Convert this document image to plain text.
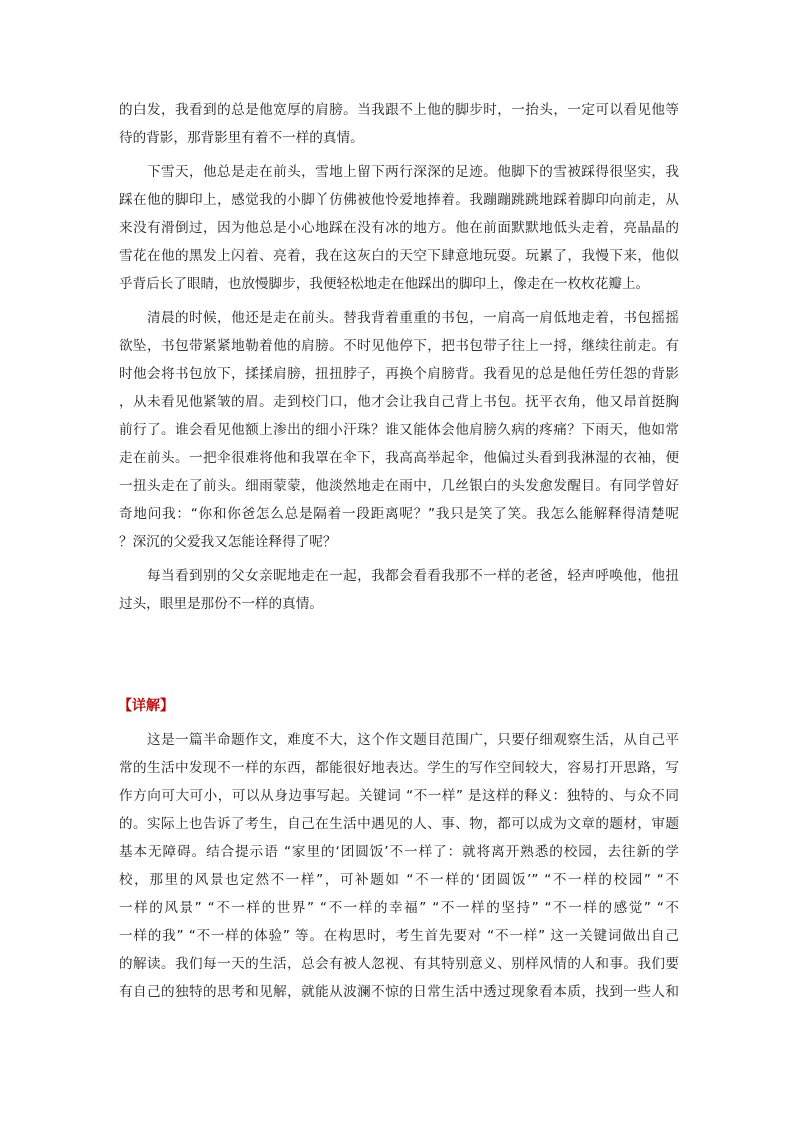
的白发，我看到的总是他宽厚的肩膀。当我跟不上他的脚步时，一抬头，一定可以看见他等
待的背影，那背影里有着不一样的真情。
下雪天，他总是走在前头，雪地上留下两行深深的足迹。他脚下的雪被踩得很坚实，我
踩在他的脚印上，感觉我的小脚丫仿佛被他怜爱地捧着。我蹦蹦跳跳地踩着脚印向前走，从
来没有滑倒过，因为他总是小心地踩在没有冰的地方。他在前面默默地低头走着，亮晶晶的
雪花在他的黑发上闪着、亮着，我在这灰白的天空下肆意地玩耍。玩累了，我慢下来，他似
乎背后长了眼睛，也放慢脚步，我便轻松地走在他踩出的脚印上，像走在一枚枚花瓣上。
清晨的时候，他还是走在前头。替我背着重重的书包，一肩高一肩低地走着，书包摇摇
欲坠，书包带紧紧地勒着他的肩膀。不时见他停下，把书包带子往上一捋，继续往前走。有
时他会将书包放下，揉揉肩膀，扭扭脖子，再换个肩膀背。我看见的总是他任劳任怨的背影
，从未看见他紧皱的眉。走到校门口，他才会让我自己背上书包。抚平衣角，他又昂首挺胸
前行了。谁会看见他额上渗出的细小汗珠？谁又能体会他肩膀久病的疼痛？下雨天，他如常
走在前头。一把伞很难将他和我罩在伞下，我高高举起伞，他偏过头看到我淋湿的衣袖，便
一扭头走在了前头。细雨蒙蒙，他淡然地走在雨中，几丝银白的头发愈发醒目。有同学曾好
奇地问我：“你和你爸怎么总是隔着一段距离呢？”我只是笑了笑。我怎么能解释得清楚呢
？深沉的父爱我又怎能诠释得了呢？
每当看到别的父女亲昵地走在一起，我都会看看我那不一样的老爸，轻声呼唤他，他扭
过头，眼里是那份不一样的真情。
【详解】
这是一篇半命题作文，难度不大，这个作文题目范围广，只要仔细观察生活，从自己平
常的生活中发现不一样的东西，都能很好地表达。学生的写作空间较大，容易打开思路，写
作方向可大可小，可以从身边事写起。关键词 “不一样” 是这样的释义：独特的、与众不同
的。实际上也告诉了考生，自己在生活中遇见的人、事、物，都可以成为文章的题材，审题
基本无障碍。结合提示语 “家里的‘团圆饭’不一样了：就将离开熟悉的校园，去往新的学
校，那里的风景也定然不一样”，可补题如 “不一样的‘团圆饭’” “不一样的校园” “不
一样的风景” “不一样的世界” “不一样的幸福” “不一样的坚持” “不一样的感觉” “不
一样的我” “不一样的体验” 等。在构思时，考生首先要对 “不一样” 这一关键词做出自己
的解读。我们每一天的生活，总会有被人忽视、有其特别意义、别样风情的人和事。我们要
有自己的独特的思考和见解，就能从波澜不惊的日常生活中透过现象看本质，找到一些人和
